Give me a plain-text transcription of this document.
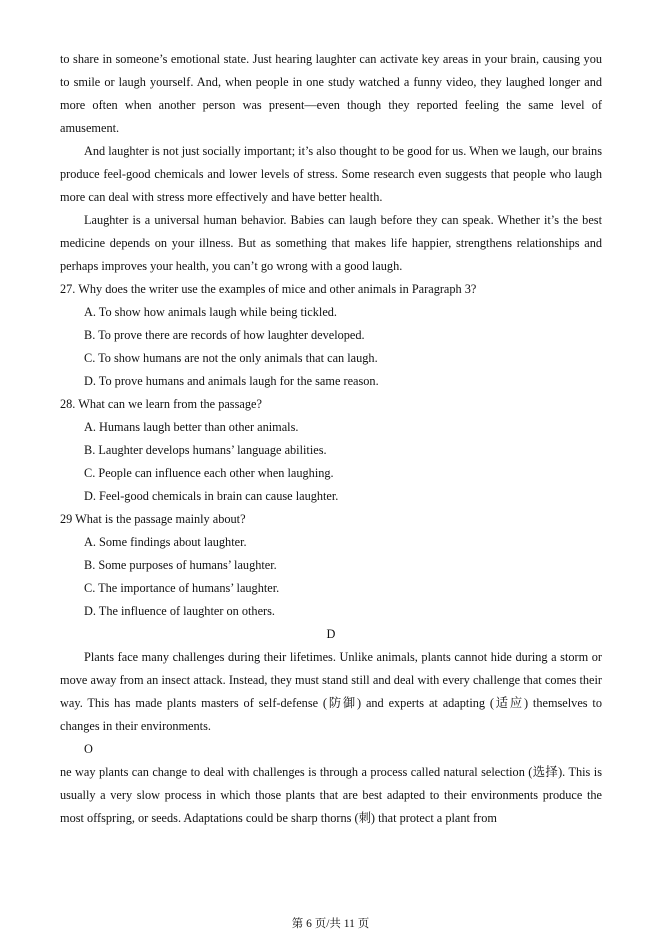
to share in someone’s emotional state. Just hearing laughter can activate key areas in your brain, causing you to smile or laugh yourself. And, when people in one study watched a funny video, they laughed longer and more often when another person was present—even though they reported feeling the same level of amusement.

And laughter is not just socially important; it’s also thought to be good for us. When we laugh, our brains produce feel-good chemicals and lower levels of stress. Some research even suggests that people who laugh more can deal with stress more effectively and have better health.

Laughter is a universal human behavior. Babies can laugh before they can speak. Whether it’s the best medicine depends on your illness. But as something that makes life happier, strengthens relationships and perhaps improves your health, you can’t go wrong with a good laugh.

27. Why does the writer use the examples of mice and other animals in Paragraph 3?

A. To show how animals laugh while being tickled.

B. To prove there are records of how laughter developed.

C. To show humans are not the only animals that can laugh.

D. To prove humans and animals laugh for the same reason.

28. What can we learn from the passage?

A. Humans laugh better than other animals.

B. Laughter develops humans’ language abilities.

C. People can influence each other when laughing.

D. Feel-good chemicals in brain can cause laughter.

29 What is the passage mainly about?

A. Some findings about laughter.

B. Some purposes of humans’ laughter.

C. The importance of humans’ laughter.

D. The influence of laughter on others.

D

Plants face many challenges during their lifetimes. Unlike animals, plants cannot hide during a storm or move away from an insect attack. Instead, they must stand still and deal with every challenge that comes their way. This has made plants masters of self-defense (防御) and experts at adapting (适应) themselves to changes in their environments.

O

ne way plants can change to deal with challenges is through a process called natural selection (选择). This is usually a very slow process in which those plants that are best adapted to their environments produce the most offspring, or seeds. Adaptations could be sharp thorns (刺) that protect a plant from

第 6 页/共 11 页
